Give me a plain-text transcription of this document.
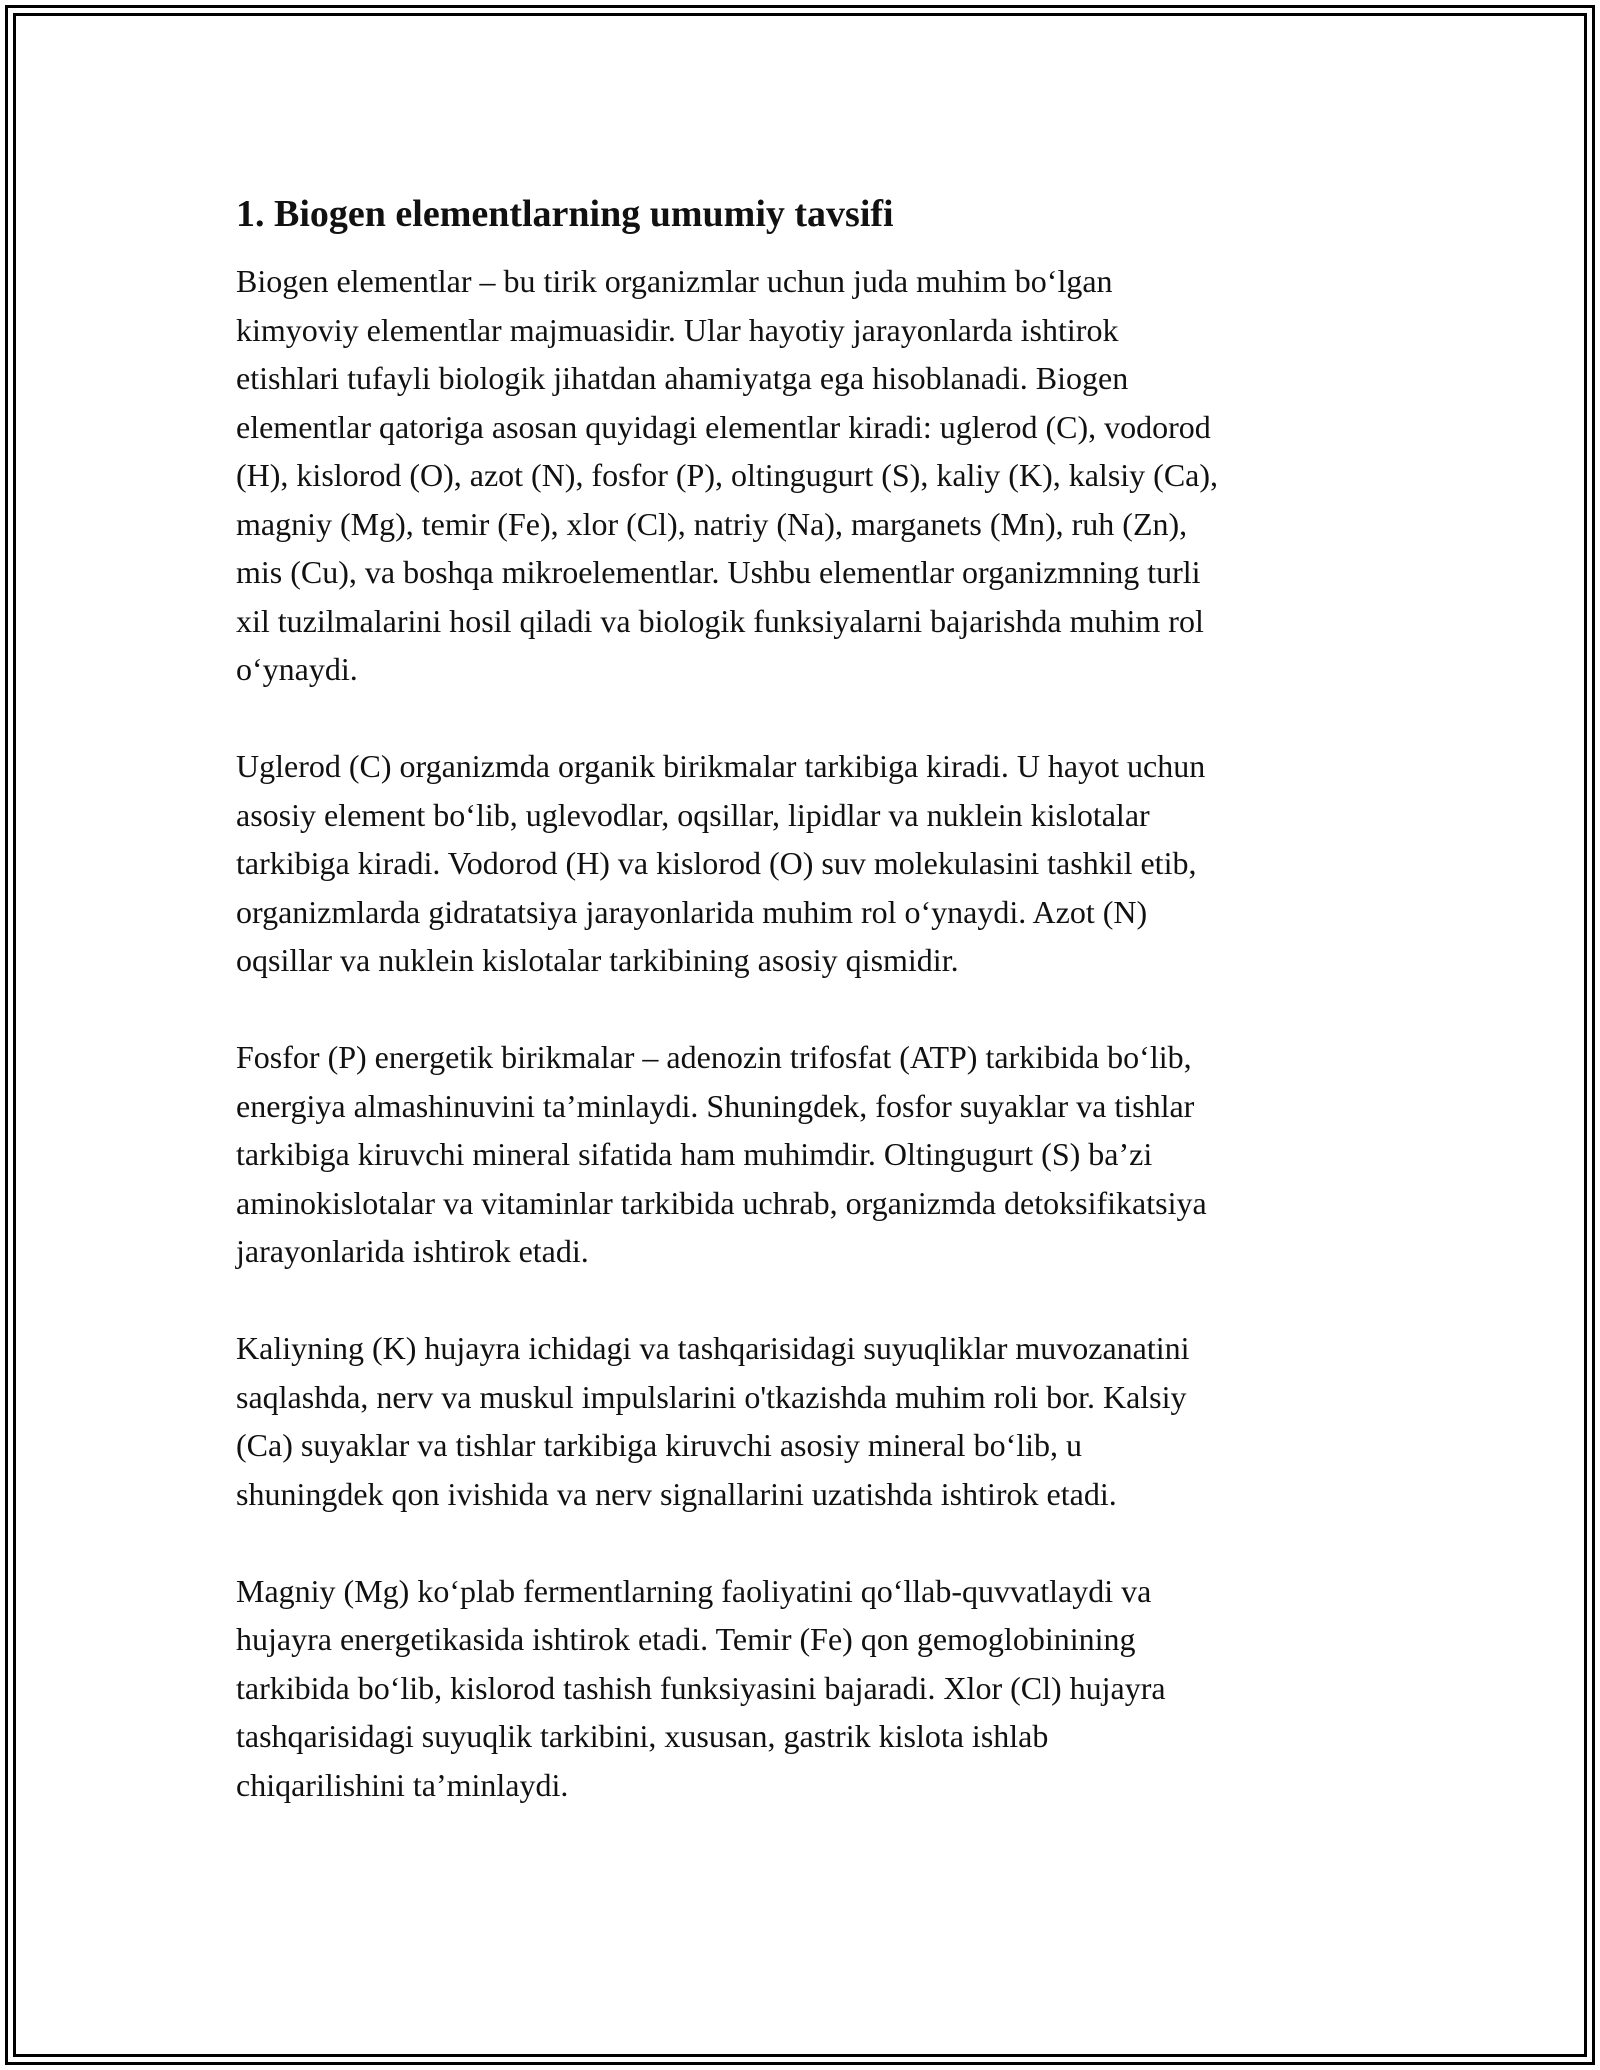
1. Biogen elementlarning umumiy tavsifi

Biogen elementlar – bu tirik organizmlar uchun juda muhim bo‘lgan
kimyoviy elementlar majmuasidir. Ular hayotiy jarayonlarda ishtirok
etishlari tufayli biologik jihatdan ahamiyatga ega hisoblanadi. Biogen
elementlar qatoriga asosan quyidagi elementlar kiradi: uglerod (C), vodorod
(H), kislorod (O), azot (N), fosfor (P), oltingugurt (S), kaliy (K), kalsiy (Ca),
magniy (Mg), temir (Fe), xlor (Cl), natriy (Na), marganets (Mn), ruh (Zn),
mis (Cu), va boshqa mikroelementlar. Ushbu elementlar organizmning turli
xil tuzilmalarini hosil qiladi va biologik funksiyalarni bajarishda muhim rol
o‘ynaydi.

Uglerod (C) organizmda organik birikmalar tarkibiga kiradi. U hayot uchun
asosiy element bo‘lib, uglevodlar, oqsillar, lipidlar va nuklein kislotalar
tarkibiga kiradi. Vodorod (H) va kislorod (O) suv molekulasini tashkil etib,
organizmlarda gidratatsiya jarayonlarida muhim rol o‘ynaydi. Azot (N)
oqsillar va nuklein kislotalar tarkibining asosiy qismidir.

Fosfor (P) energetik birikmalar – adenozin trifosfat (ATP) tarkibida bo‘lib,
energiya almashinuvini ta’minlaydi. Shuningdek, fosfor suyaklar va tishlar
tarkibiga kiruvchi mineral sifatida ham muhimdir. Oltingugurt (S) ba’zi
aminokislotalar va vitaminlar tarkibida uchrab, organizmda detoksifikatsiya
jarayonlarida ishtirok etadi.

Kaliyning (K) hujayra ichidagi va tashqarisidagi suyuqliklar muvozanatini
saqlashda, nerv va muskul impulslarini o'tkazishda muhim roli bor. Kalsiy
(Ca) suyaklar va tishlar tarkibiga kiruvchi asosiy mineral bo‘lib, u
shuningdek qon ivishida va nerv signallarini uzatishda ishtirok etadi.

Magniy (Mg) ko‘plab fermentlarning faoliyatini qo‘llab-quvvatlaydi va
hujayra energetikasida ishtirok etadi. Temir (Fe) qon gemoglobinining
tarkibida bo‘lib, kislorod tashish funksiyasini bajaradi. Xlor (Cl) hujayra
tashqarisidagi suyuqlik tarkibini, xususan, gastrik kislota ishlab
chiqarilishini ta’minlaydi.
